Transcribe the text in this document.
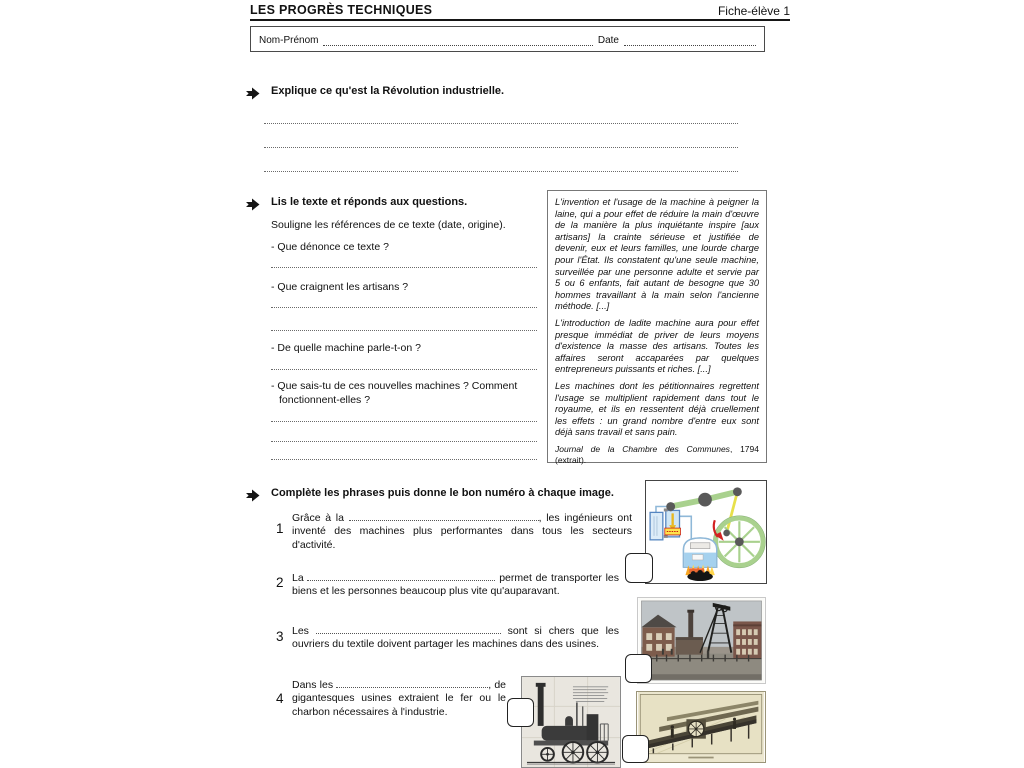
LES PROGRÈS TECHNIQUES	Fiche-élève 1
Nom-Prénom	Date
Explique ce qu'est la Révolution industrielle.
Lis le texte et réponds aux questions.
Souligne les références de ce texte (date, origine).
- Que dénonce ce texte ?
- Que craignent les artisans ?
- De quelle machine parle-t-on ?
- Que sais-tu de ces nouvelles machines ? Comment fonctionnent-elles ?

L'invention et l'usage de la machine à peigner la laine, qui a pour effet de réduire la main d'œuvre de la manière la plus inquiétante inspire [aux artisans] la crainte sérieuse et justifiée de devenir, eux et leurs familles, une lourde charge pour l'État. Ils constatent qu'une seule machine, surveillée par une personne adulte et servie par 5 ou 6 enfants, fait autant de besogne que 30 hommes travaillant à la main selon l'ancienne méthode. [...]

L'introduction de ladite machine aura pour effet presque immédiat de priver de leurs moyens d'existence la masse des artisans. Toutes les affaires seront accaparées par quelques entrepreneurs puissants et riches. [...]

Les machines dont les pétitionnaires regrettent l'usage se multiplient rapidement dans tout le royaume, et ils en ressentent déjà cruellement les effets : un grand nombre d'entre eux sont déjà sans travail et sans pain.

Journal de la Chambre des Communes, 1794 (extrait).

Complète les phrases puis donne le bon numéro à chaque image.
1
Grâce à la	, les ingénieurs ont inventé des machines plus performantes dans tous les secteurs d'activité.
2 La	permet de transporter les biens et les personnes beaucoup plus vite qu'auparavant.
3 Les	sont si chers que les ouvriers du textile doivent partager les machines dans des usines.
4
Dans les	, de gigantesques usines extraient le fer ou le charbon nécessaires à l'industrie.
